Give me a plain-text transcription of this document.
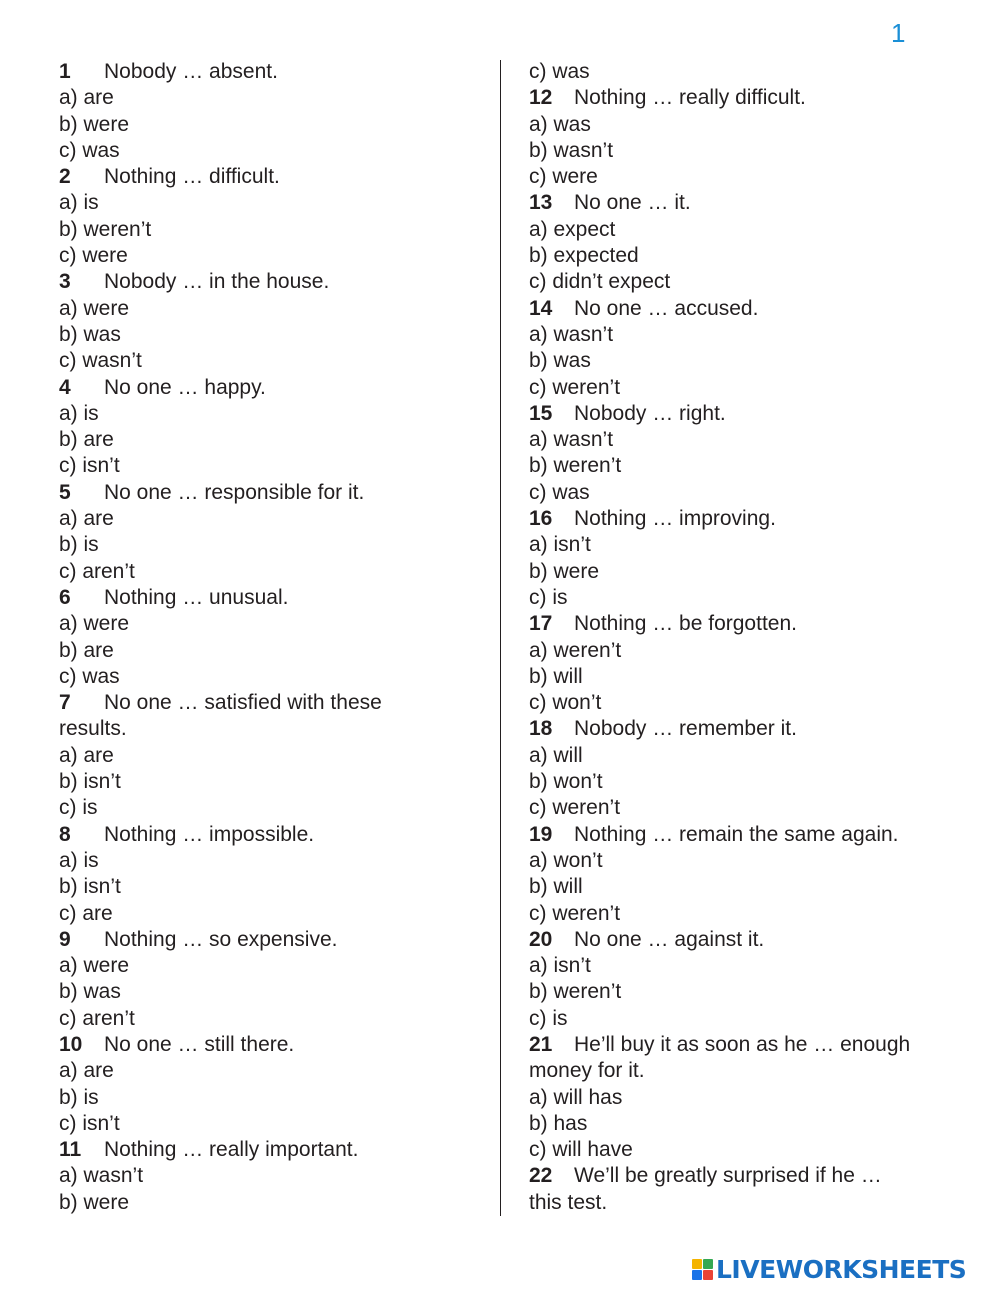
1
1 Nobody … absent.
a) are
b) were
c) was
2 Nothing … difficult.
a) is
b) weren’t
c) were
3 Nobody … in the house.
a) were
b) was
c) wasn’t
4 No one … happy.
a) is
b) are
c) isn’t
5 No one … responsible for it.
a) are
b) is
c) aren’t
6 Nothing … unusual.
a) were
b) are
c) was
7 No one … satisfied with these
results.
a) are
b) isn’t
c) is
8 Nothing … impossible.
a) is
b) isn’t
c) are
9 Nothing … so expensive.
a) were
b) was
c) aren’t
10 No one … still there.
a) are
b) is
c) isn’t
11 Nothing … really important.
a) wasn’t
b) were
c) was
12 Nothing … really difficult.
a) was
b) wasn’t
c) were
13 No one … it.
a) expect
b) expected
c) didn’t expect
14 No one … accused.
a) wasn’t
b) was
c) weren’t
15 Nobody … right.
a) wasn’t
b) weren’t
c) was
16 Nothing … improving.
a) isn’t
b) were
c) is
17 Nothing … be forgotten.
a) weren’t
b) will
c) won’t
18 Nobody … remember it.
a) will
b) won’t
c) weren’t
19 Nothing … remain the same again.
a) won’t
b) will
c) weren’t
20 No one … against it.
a) isn’t
b) weren’t
c) is
21 He’ll buy it as soon as he … enough
money for it.
a) will has
b) has
c) will have
22 We’ll be greatly surprised if he …
this test.
LIVEWORKSHEETS
